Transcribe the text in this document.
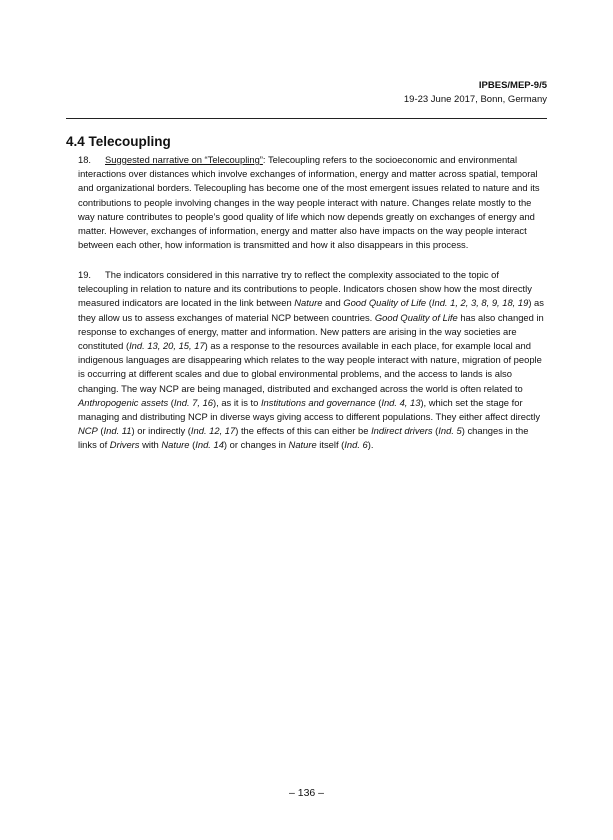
IPBES/MEP-9/5
19-23 June 2017, Bonn, Germany
4.4 Telecoupling
18. Suggested narrative on “Telecoupling”: Telecoupling refers to the socioeconomic and environmental interactions over distances which involve exchanges of information, energy and matter across spatial, temporal and organizational borders. Telecoupling has become one of the most emergent issues related to nature and its contributions to people involving changes in the way people interact with nature. Changes relate mostly to the way nature contributes to people’s good quality of life which now depends greatly on exchanges of energy and matter. However, exchanges of information, energy and matter also have impacts on the way people interact between each other, how information is transmitted and how it also disappears in this process.
19. The indicators considered in this narrative try to reflect the complexity associated to the topic of telecoupling in relation to nature and its contributions to people. Indicators chosen show how the most directly measured indicators are located in the link between Nature and Good Quality of Life (Ind. 1, 2, 3, 8, 9, 18, 19) as they allow us to assess exchanges of material NCP between countries. Good Quality of Life has also changed in response to exchanges of energy, matter and information. New patters are arising in the way societies are constituted (Ind. 13, 20, 15, 17) as a response to the resources available in each place, for example local and indigenous languages are disappearing which relates to the way people interact with nature, migration of people is occurring at different scales and due to global environmental problems, and the access to lands is also changing. The way NCP are being managed, distributed and exchanged across the world is often related to Anthropogenic assets (Ind. 7, 16), as it is to Institutions and governance (Ind. 4, 13), which set the stage for managing and distributing NCP in diverse ways giving access to different populations. They either affect directly NCP (Ind. 11) or indirectly (Ind. 12, 17) the effects of this can either be Indirect drivers (Ind. 5) changes in the links of Drivers with Nature (Ind. 14) or changes in Nature itself (Ind. 6).
– 136 –
